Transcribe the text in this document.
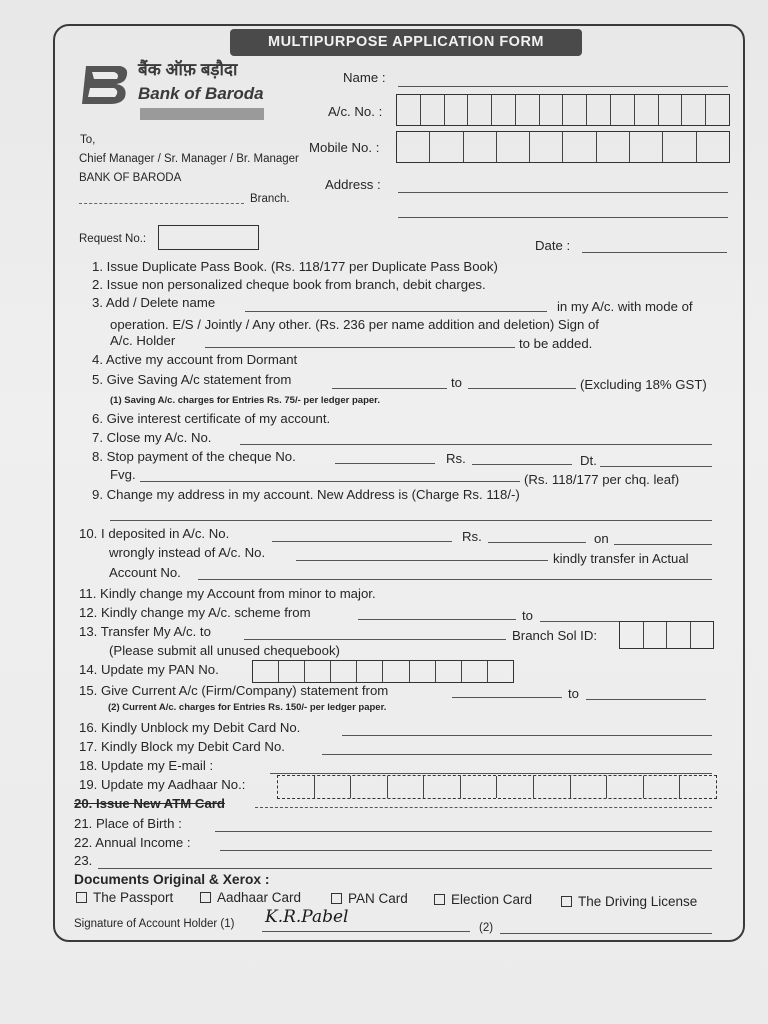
MULTIPURPOSE APPLICATION FORM
बैंक ऑफ़ बड़ौदा
Bank of Baroda
To,
Chief Manager / Sr. Manager / Br. Manager
BANK OF BARODA
Branch.
Name :
A/c. No. :
Mobile No. :
Address :
Request No.:	Date :
1. Issue Duplicate Pass Book. (Rs. 118/177 per Duplicate Pass Book)
2. Issue non personalized cheque book from branch, debit charges.
3. Add / Delete name	in my A/c. with mode of
operation. E/S / Jointly / Any other. (Rs. 236 per name addition and deletion) Sign of
A/c. Holder	to be added.
4. Active my account from Dormant
5. Give Saving A/c statement from	to	(Excluding 18% GST)
(1) Saving A/c. charges for Entries Rs. 75/- per ledger paper.
6. Give interest certificate of my account.
7. Close my A/c. No.
8. Stop payment of the cheque No.	Rs.	Dt.
Fvg.	(Rs. 118/177 per chq. leaf)
9. Change my address in my account. New Address is (Charge Rs. 118/-)
10. I deposited in A/c. No.	Rs.	on
wrongly instead of A/c. No.	kindly transfer in Actual
Account No.
11. Kindly change my Account from minor to major.
12. Kindly change my A/c. scheme from	to
13. Transfer My A/c. to	Branch Sol ID:
(Please submit all unused chequebook)
14. Update my PAN No.
15. Give Current A/c (Firm/Company) statement from	to
(2) Current A/c. charges for Entries Rs. 150/- per ledger paper.
16. Kindly Unblock my Debit Card No.
17. Kindly Block my Debit Card No.
18. Update my E-mail :
19. Update my Aadhaar No.:
20. Issue New ATM Card
21. Place of Birth :
22. Annual Income :
23.
Documents Original & Xerox :
The Passport	Aadhaar Card	PAN Card	Election Card	The Driving License
Signature of Account Holder (1) K.R.Pabel
(2)
